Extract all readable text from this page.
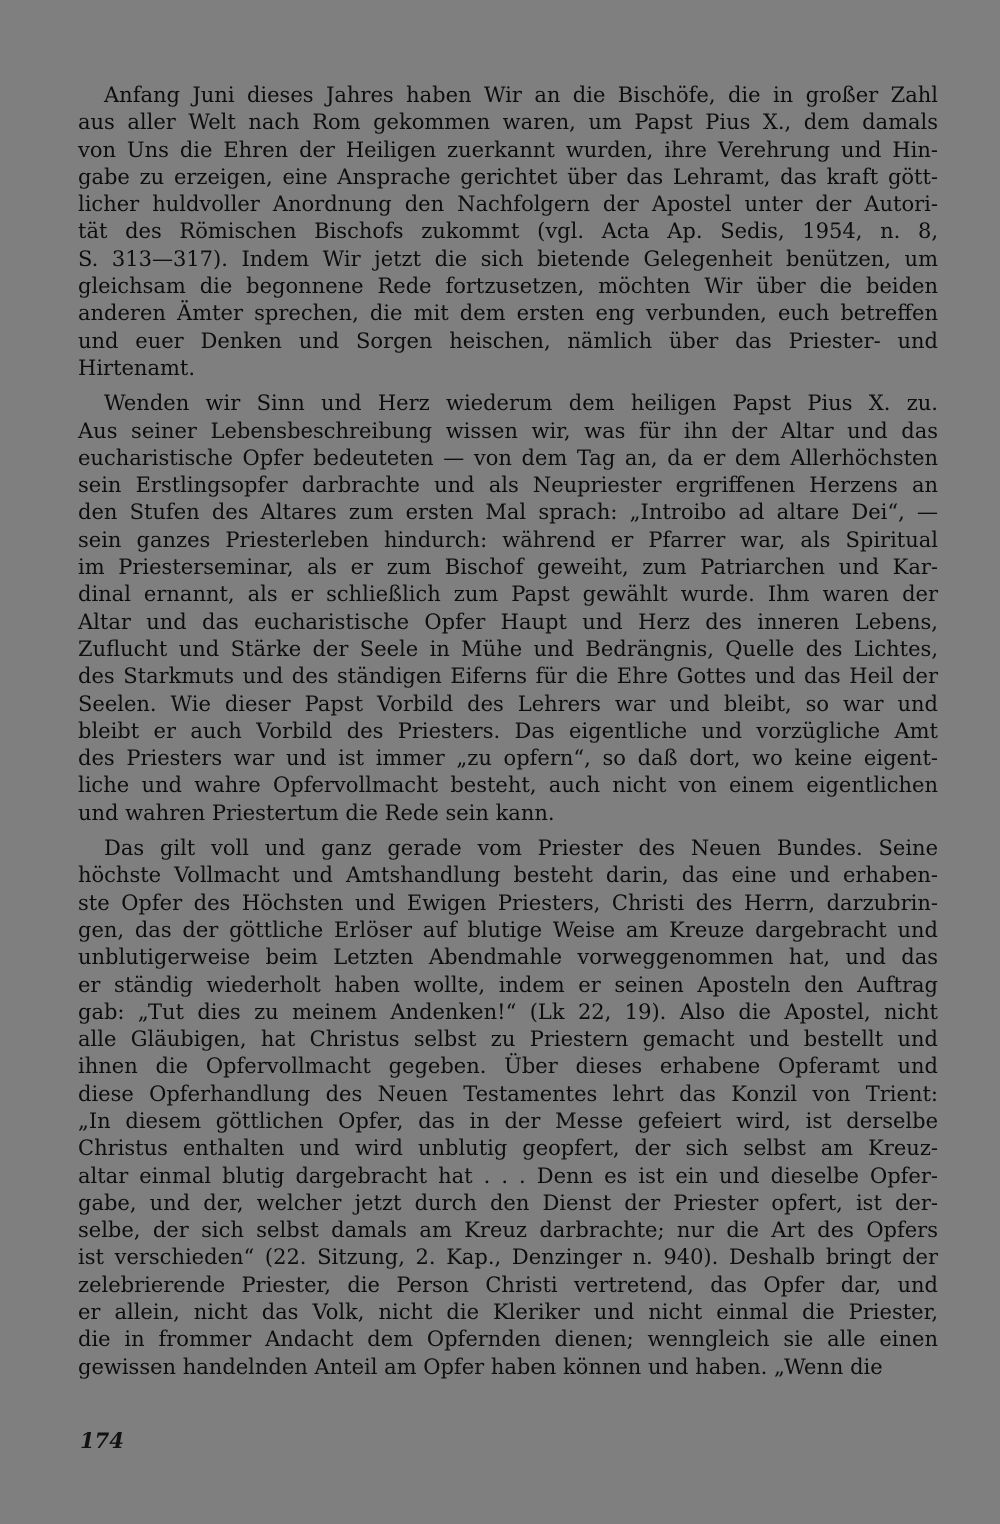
Anfang Juni dieses Jahres haben Wir an die Bischöfe, die in großer Zahl
aus aller Welt nach Rom gekommen waren, um Papst Pius X., dem damals
von Uns die Ehren der Heiligen zuerkannt wurden, ihre Verehrung und Hin-
gabe zu erzeigen, eine Ansprache gerichtet über das Lehramt, das kraft gött-
licher huldvoller Anordnung den Nachfolgern der Apostel unter der Autori-
tät des Römischen Bischofs zukommt (vgl. Acta Ap. Sedis, 1954, n. 8,
S. 313—317). Indem Wir jetzt die sich bietende Gelegenheit benützen, um
gleichsam die begonnene Rede fortzusetzen, möchten Wir über die beiden
anderen Ämter sprechen, die mit dem ersten eng verbunden, euch betreffen
und euer Denken und Sorgen heischen, nämlich über das Priester- und
Hirtenamt.
Wenden wir Sinn und Herz wiederum dem heiligen Papst Pius X. zu.
Aus seiner Lebensbeschreibung wissen wir, was für ihn der Altar und das
eucharistische Opfer bedeuteten — von dem Tag an, da er dem Allerhöchsten
sein Erstlingsopfer darbrachte und als Neupriester ergriffenen Herzens an
den Stufen des Altares zum ersten Mal sprach: „Introibo ad altare Dei“, —
sein ganzes Priesterleben hindurch: während er Pfarrer war, als Spiritual
im Priesterseminar, als er zum Bischof geweiht, zum Patriarchen und Kar-
dinal ernannt, als er schließlich zum Papst gewählt wurde. Ihm waren der
Altar und das eucharistische Opfer Haupt und Herz des inneren Lebens,
Zuflucht und Stärke der Seele in Mühe und Bedrängnis, Quelle des Lichtes,
des Starkmuts und des ständigen Eiferns für die Ehre Gottes und das Heil der
Seelen. Wie dieser Papst Vorbild des Lehrers war und bleibt, so war und
bleibt er auch Vorbild des Priesters. Das eigentliche und vorzügliche Amt
des Priesters war und ist immer „zu opfern“, so daß dort, wo keine eigent-
liche und wahre Opfervollmacht besteht, auch nicht von einem eigentlichen
und wahren Priestertum die Rede sein kann.
Das gilt voll und ganz gerade vom Priester des Neuen Bundes. Seine
höchste Vollmacht und Amtshandlung besteht darin, das eine und erhaben-
ste Opfer des Höchsten und Ewigen Priesters, Christi des Herrn, darzubrin-
gen, das der göttliche Erlöser auf blutige Weise am Kreuze dargebracht und
unblutigerweise beim Letzten Abendmahle vorweggenommen hat, und das
er ständig wiederholt haben wollte, indem er seinen Aposteln den Auftrag
gab: „Tut dies zu meinem Andenken!“ (Lk 22, 19). Also die Apostel, nicht
alle Gläubigen, hat Christus selbst zu Priestern gemacht und bestellt und
ihnen die Opfervollmacht gegeben. Über dieses erhabene Opferamt und
diese Opferhandlung des Neuen Testamentes lehrt das Konzil von Trient:
„In diesem göttlichen Opfer, das in der Messe gefeiert wird, ist derselbe
Christus enthalten und wird unblutig geopfert, der sich selbst am Kreuz-
altar einmal blutig dargebracht hat . . . Denn es ist ein und dieselbe Opfer-
gabe, und der, welcher jetzt durch den Dienst der Priester opfert, ist der-
selbe, der sich selbst damals am Kreuz darbrachte; nur die Art des Opfers
ist verschieden“ (22. Sitzung, 2. Kap., Denzinger n. 940). Deshalb bringt der
zelebrierende Priester, die Person Christi vertretend, das Opfer dar, und
er allein, nicht das Volk, nicht die Kleriker und nicht einmal die Priester,
die in frommer Andacht dem Opfernden dienen; wenngleich sie alle einen
gewissen handelnden Anteil am Opfer haben können und haben. „Wenn die
174
